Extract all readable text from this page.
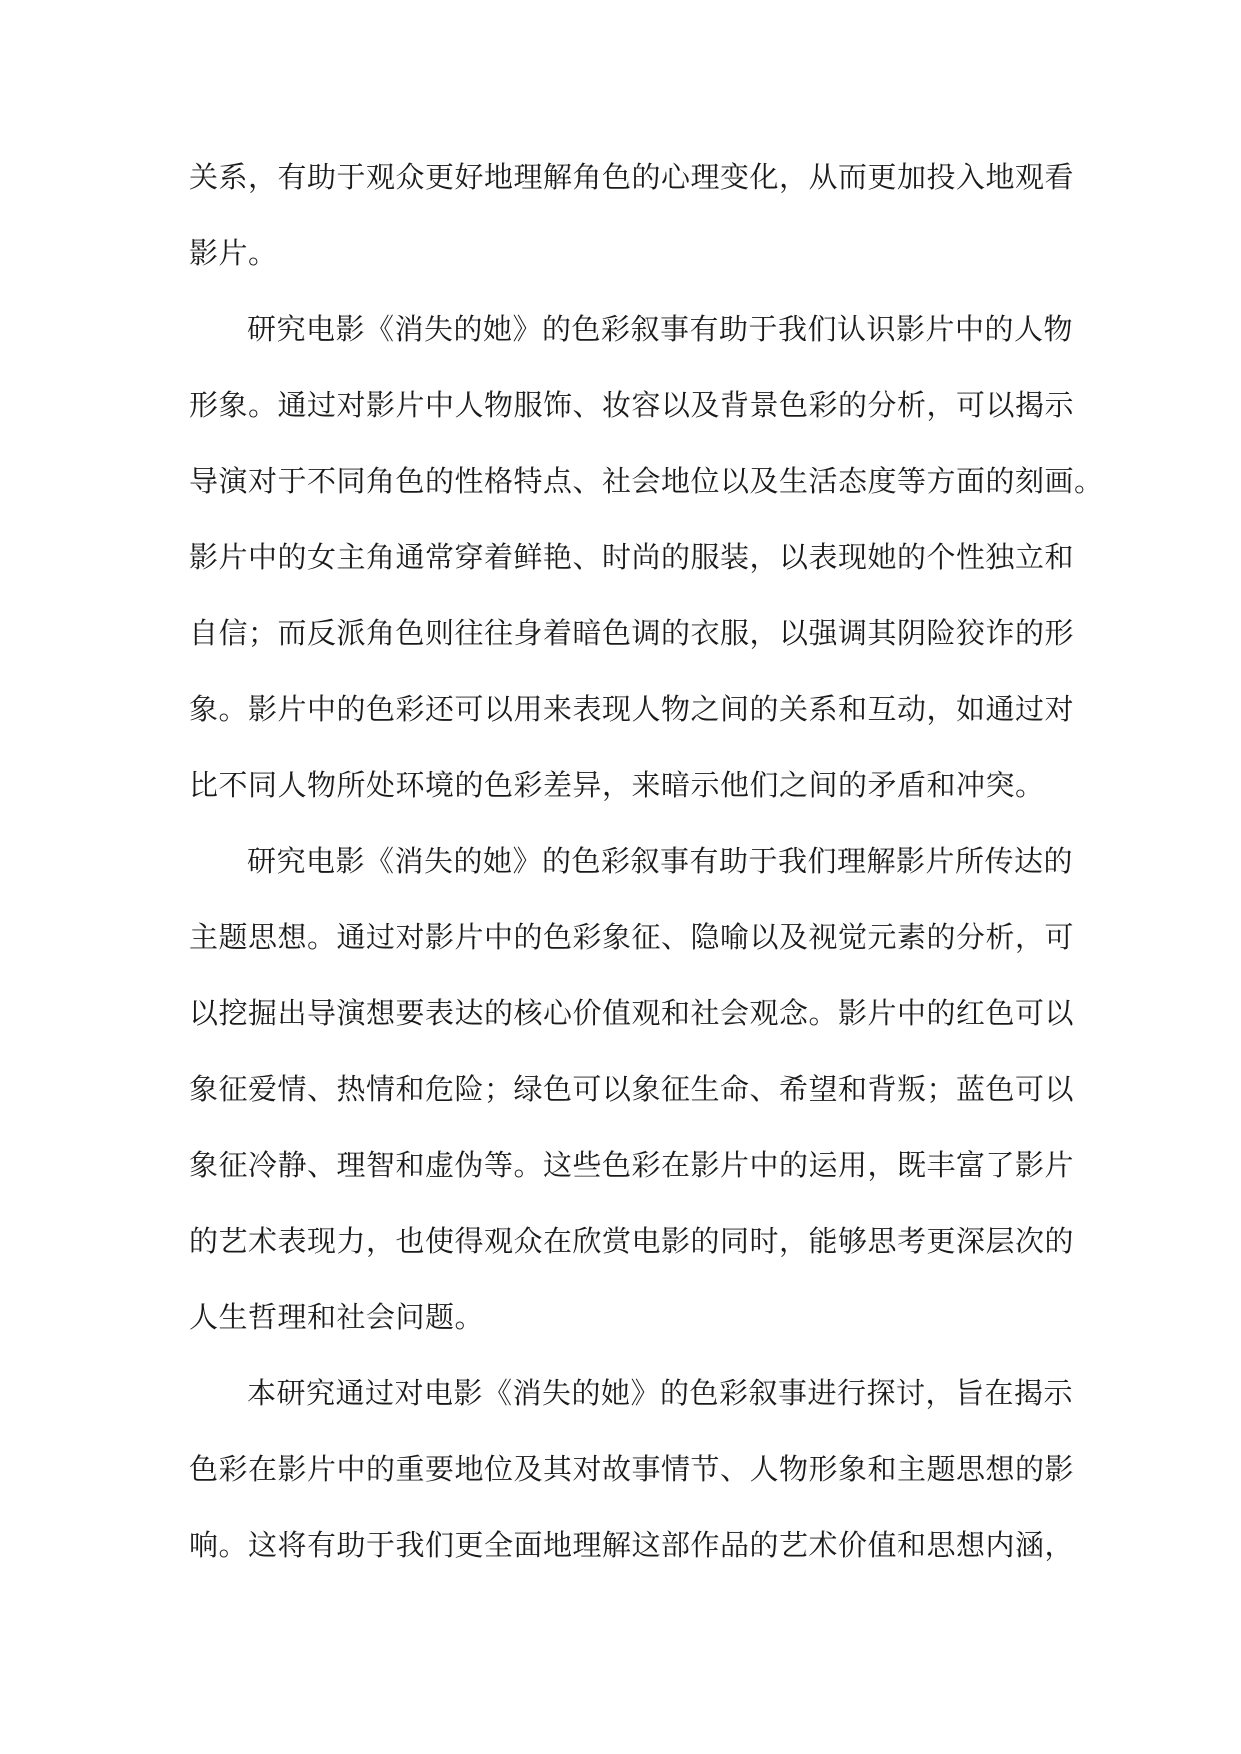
关系，有助于观众更好地理解角色的心理变化，从而更加投入地观看
影片。

研究电影《消失的她》的色彩叙事有助于我们认识影片中的人物
形象。通过对影片中人物服饰、妆容以及背景色彩的分析，可以揭示
导演对于不同角色的性格特点、社会地位以及生活态度等方面的刻画。
影片中的女主角通常穿着鲜艳、时尚的服装，以表现她的个性独立和
自信；而反派角色则往往身着暗色调的衣服，以强调其阴险狡诈的形
象。影片中的色彩还可以用来表现人物之间的关系和互动，如通过对
比不同人物所处环境的色彩差异，来暗示他们之间的矛盾和冲突。

研究电影《消失的她》的色彩叙事有助于我们理解影片所传达的
主题思想。通过对影片中的色彩象征、隐喻以及视觉元素的分析，可
以挖掘出导演想要表达的核心价值观和社会观念。影片中的红色可以
象征爱情、热情和危险；绿色可以象征生命、希望和背叛；蓝色可以
象征冷静、理智和虚伪等。这些色彩在影片中的运用，既丰富了影片
的艺术表现力，也使得观众在欣赏电影的同时，能够思考更深层次的
人生哲理和社会问题。

本研究通过对电影《消失的她》的色彩叙事进行探讨，旨在揭示
色彩在影片中的重要地位及其对故事情节、人物形象和主题思想的影
响。这将有助于我们更全面地理解这部作品的艺术价值和思想内涵，
